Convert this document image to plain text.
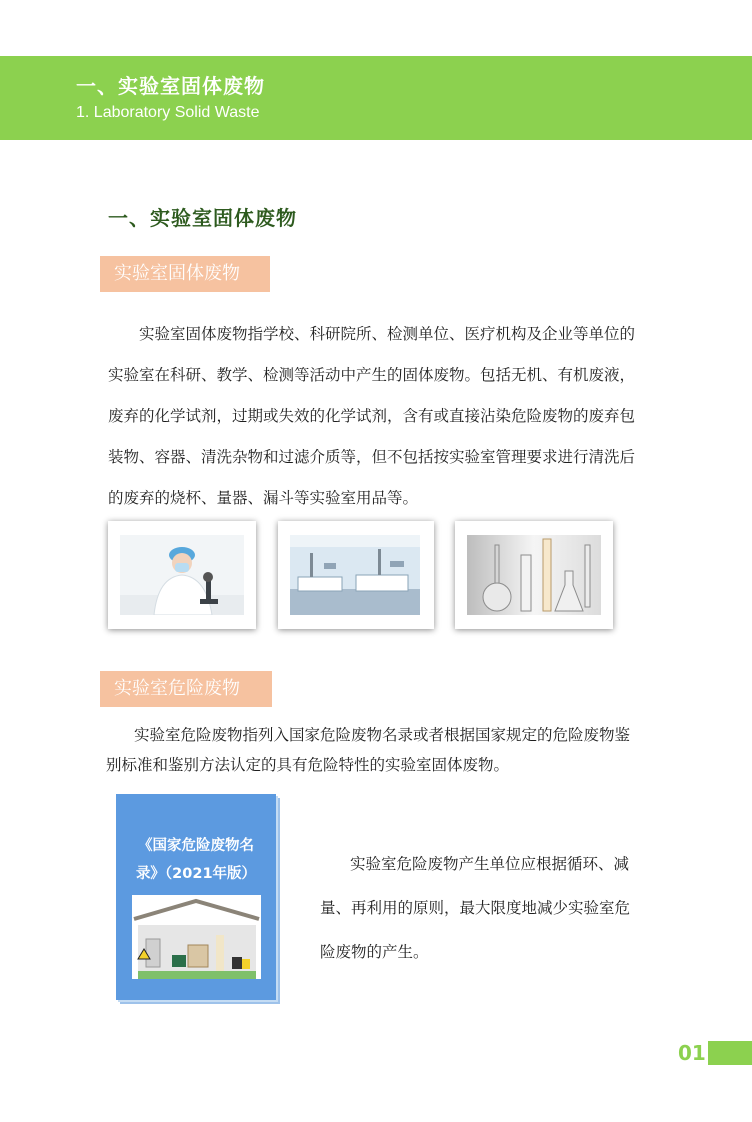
一、实验室固体废物
1. Laboratory Solid Waste
一、实验室固体废物
实验室固体废物
实验室固体废物指学校、科研院所、检测单位、医疗机构及企业等单位的实验室在科研、教学、检测等活动中产生的固体废物。包括无机、有机废液，废弃的化学试剂，过期或失效的化学试剂，含有或直接沾染危险废物的废弃包装物、容器、清洗杂物和过滤介质等，但不包括按实验室管理要求进行清洗后的废弃的烧杯、量器、漏斗等实验室用品等。
实验室危险废物
实验室危险废物指列入国家危险废物名录或者根据国家规定的危险废物鉴别标准和鉴别方法认定的具有危险特性的实验室固体废物。
《国家危险废物名录》（2021年版）
实验室危险废物产生单位应根据循环、减量、再利用的原则，最大限度地减少实验室危险废物的产生。
01
